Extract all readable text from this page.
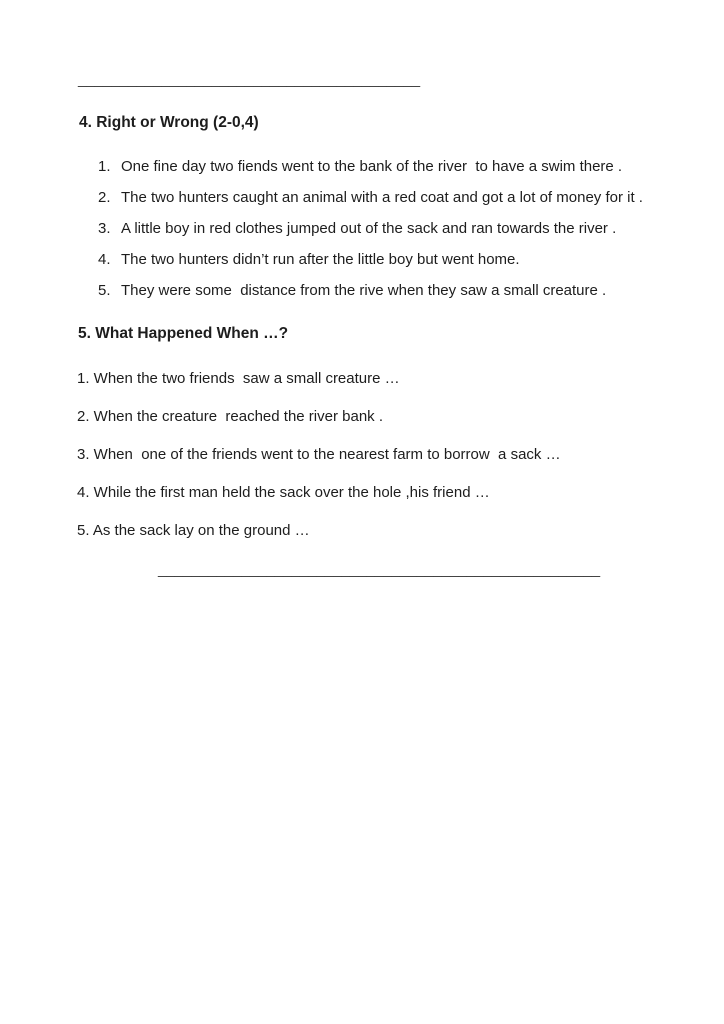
_________________________________________
4. Right or Wrong (2-0,4)
1. One fine day two fiends went to the bank of the river  to have a swim there .
2. The two hunters caught an animal with a red coat and got a lot of money for it .
3. A little boy in red clothes jumped out of the sack and ran towards the river .
4. The two hunters didn’t run after the little boy but went home.
5. They were some  distance from the rive when they saw a small creature .
5. What Happened When …?
1. When the two friends  saw a small creature …
2. When the creature  reached the river bank .
3. When  one of the friends went to the nearest farm to borrow  a sack …
4. While the first man held the sack over the hole ,his friend …
5. As the sack lay on the ground …
_____________________________________________________
